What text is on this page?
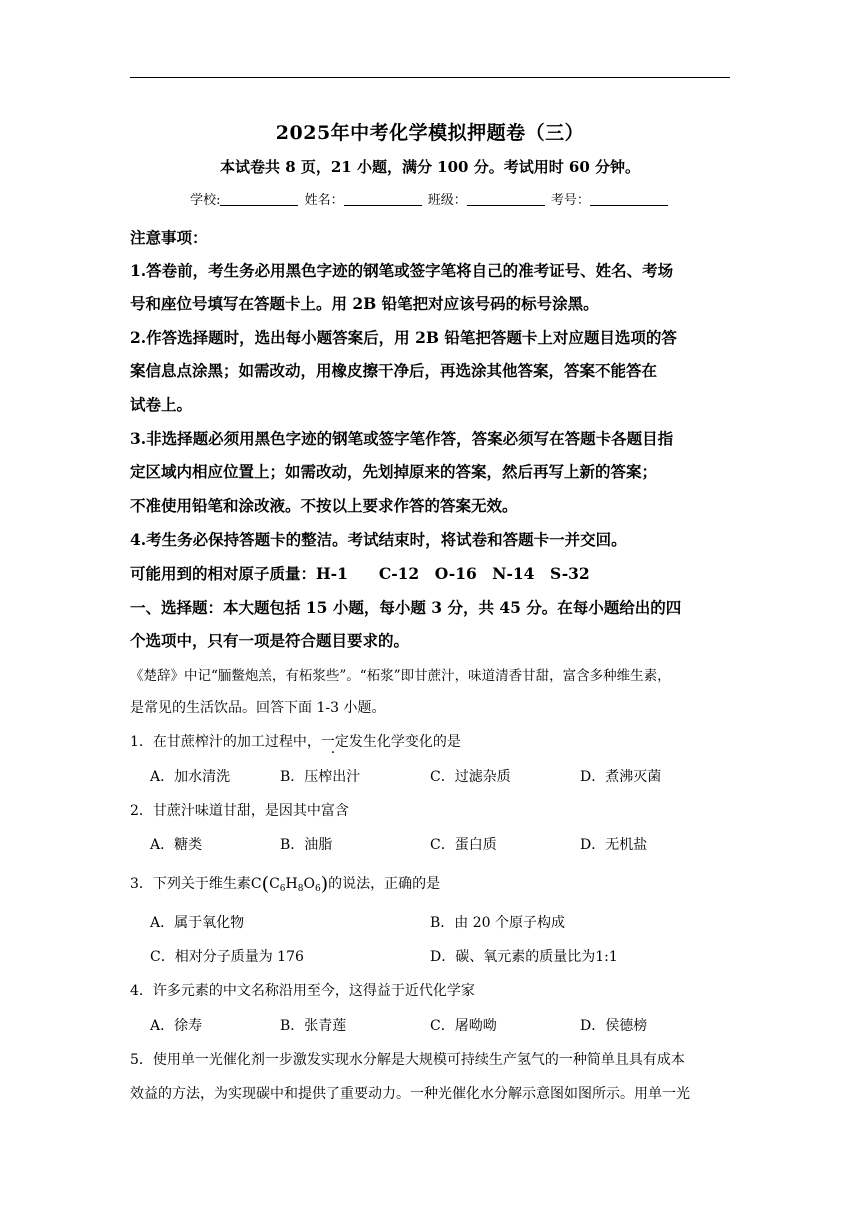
2025年中考化学模拟押题卷（三）
本试卷共 8 页，21 小题，满分 100 分。考试用时 60 分钟。
学校:	姓名：	班级：	考号：
注意事项：
1.答卷前，考生务必用黑色字迹的钢笔或签字笔将自己的准考证号、姓名、考场
号和座位号填写在答题卡上。用 2B 铅笔把对应该号码的标号涂黑。
2.作答选择题时，选出每小题答案后，用 2B 铅笔把答题卡上对应题目选项的答
案信息点涂黑；如需改动，用橡皮擦干净后，再选涂其他答案，答案不能答在
试卷上。
3.非选择题必须用黑色字迹的钢笔或签字笔作答，答案必须写在答题卡各题目指
定区域内相应位置上；如需改动，先划掉原来的答案，然后再写上新的答案；
不准使用铅笔和涂改液。不按以上要求作答的答案无效。
4.考生务必保持答题卡的整洁。考试结束时，将试卷和答题卡一并交回。
可能用到的相对原子质量：H-1　　C-12　O-16　N-14　S-32
一、选择题：本大题包括 15 小题，每小题 3 分，共 45 分。在每小题给出的四
个选项中，只有一项是符合题目要求的。
《楚辞》中记“胹鳖炮羔，有柘浆些”。“柘浆”即甘蔗汁，味道清香甘甜，富含多种维生素，
是常见的生活饮品。回答下面 1-3 小题。
1．在甘蔗榨汁的加工过程中，一定发生化学变化的是
A．加水清洗	B．压榨出汁	C．过滤杂质	D．煮沸灭菌
2．甘蔗汁味道甘甜，是因其中富含
A．糖类	B．油脂	C．蛋白质	D．无机盐
3．下列关于维生素$C(C_6H_8O_6)$的说法，正确的是
A．属于氧化物	B．由 20 个原子构成
C．相对分子质量为 176	D．碳、氧元素的质量比为1:1
4．许多元素的中文名称沿用至今，这得益于近代化学家
A．徐寿	B．张青莲	C．屠呦呦	D．侯德榜
5．使用单一光催化剂一步激发实现水分解是大规模可持续生产氢气的一种简单且具有成本
效益的方法，为实现碳中和提供了重要动力。一种光催化水分解示意图如图所示。用单一光
